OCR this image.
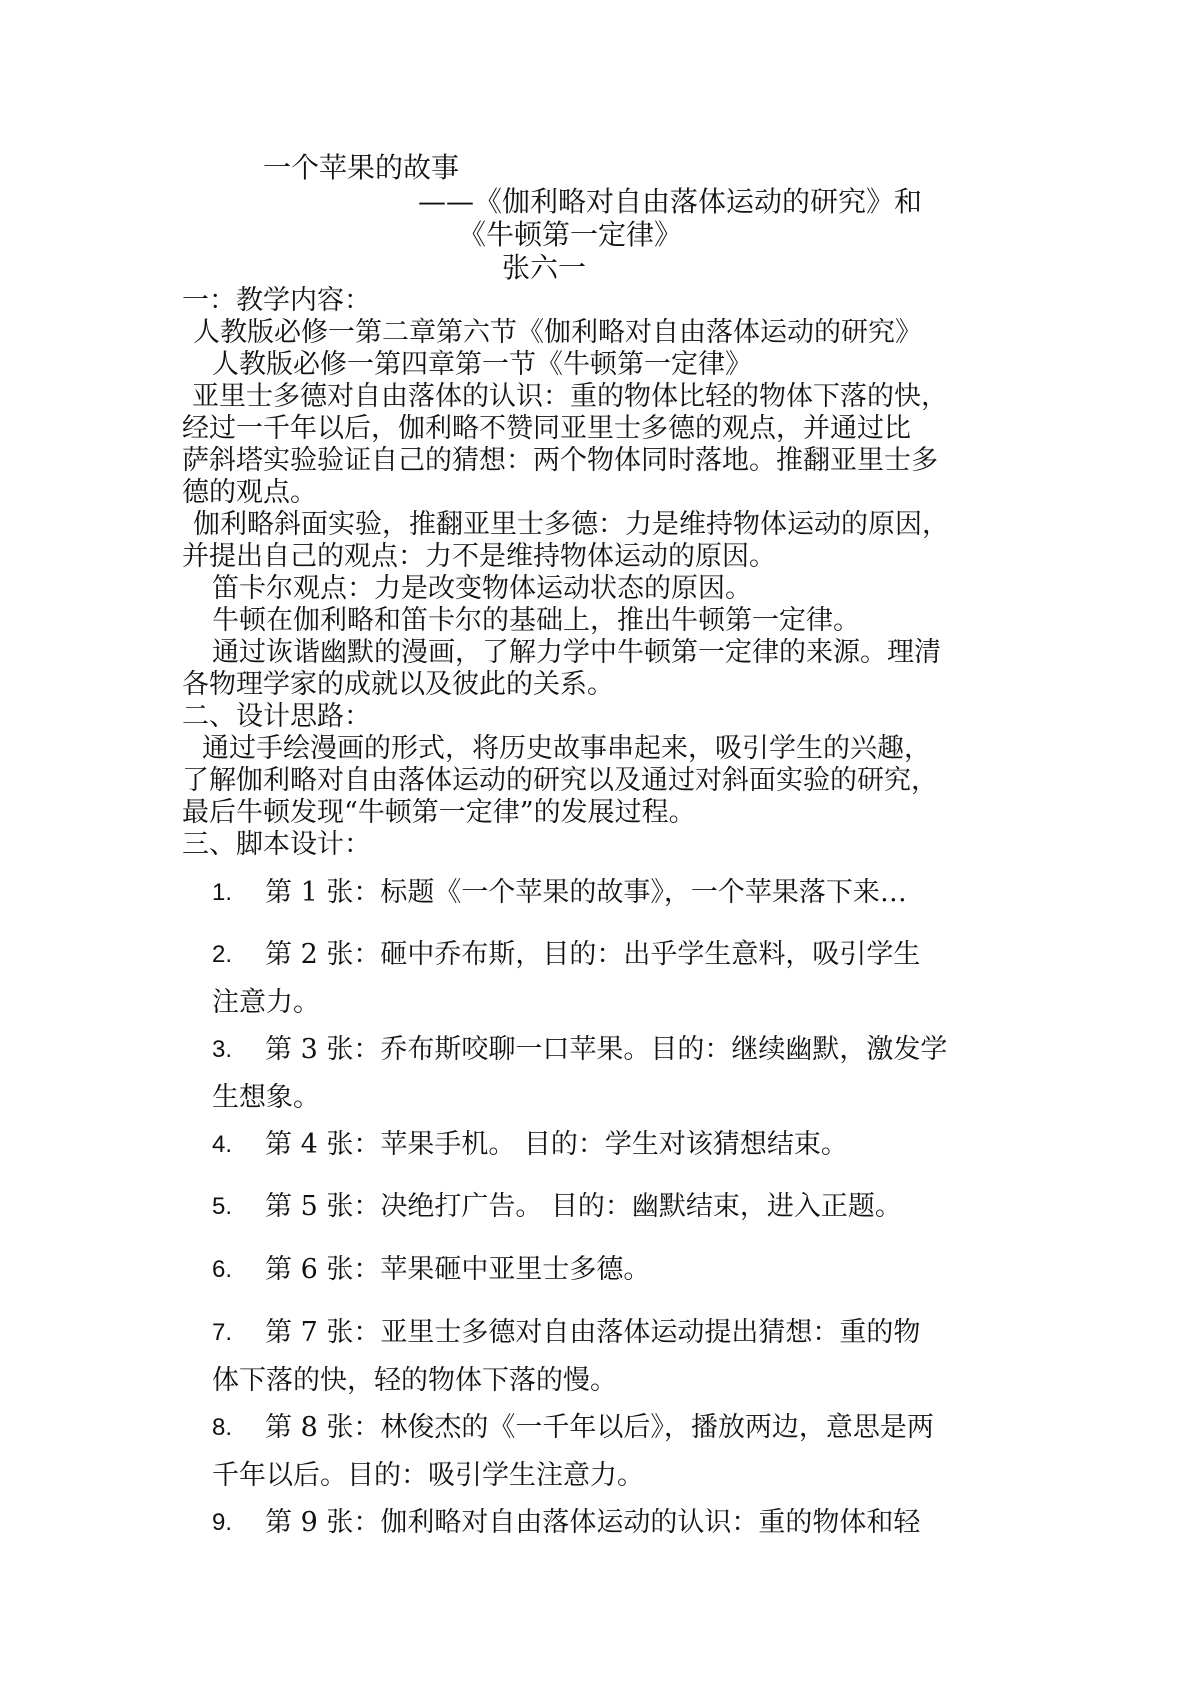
一个苹果的故事
——《伽利略对自由落体运动的研究》和
《牛顿第一定律》
张六一
一：教学内容：
人教版必修一第二章第六节《伽利略对自由落体运动的研究》
人教版必修一第四章第一节《牛顿第一定律》
亚里士多德对自由落体的认识：重的物体比轻的物体下落的快，
经过一千年以后，伽利略不赞同亚里士多德的观点，并通过比
萨斜塔实验验证自己的猜想：两个物体同时落地。推翻亚里士多
德的观点。
伽利略斜面实验，推翻亚里士多德：力是维持物体运动的原因，
并提出自己的观点：力不是维持物体运动的原因。
笛卡尔观点：力是改变物体运动状态的原因。
牛顿在伽利略和笛卡尔的基础上，推出牛顿第一定律。
通过诙谐幽默的漫画，了解力学中牛顿第一定律的来源。理清
各物理学家的成就以及彼此的关系。
二、设计思路：
通过手绘漫画的形式，将历史故事串起来，吸引学生的兴趣，
了解伽利略对自由落体运动的研究以及通过对斜面实验的研究，
最后牛顿发现“牛顿第一定律”的发展过程。
三、脚本设计：
1. 第 1 张：标题《一个苹果的故事》，一个苹果落下来…
2. 第 2 张：砸中乔布斯，目的：出乎学生意料，吸引学生
注意力。
3. 第 3 张：乔布斯咬聊一口苹果。目的：继续幽默，激发学
生想象。
4. 第 4 张：苹果手机。 目的：学生对该猜想结束。
5. 第 5 张：决绝打广告。 目的：幽默结束，进入正题。
6. 第 6 张：苹果砸中亚里士多德。
7. 第 7 张：亚里士多德对自由落体运动提出猜想：重的物
体下落的快，轻的物体下落的慢。
8. 第 8 张：林俊杰的《一千年以后》，播放两边，意思是两
千年以后。目的：吸引学生注意力。
9. 第 9 张：伽利略对自由落体运动的认识：重的物体和轻
